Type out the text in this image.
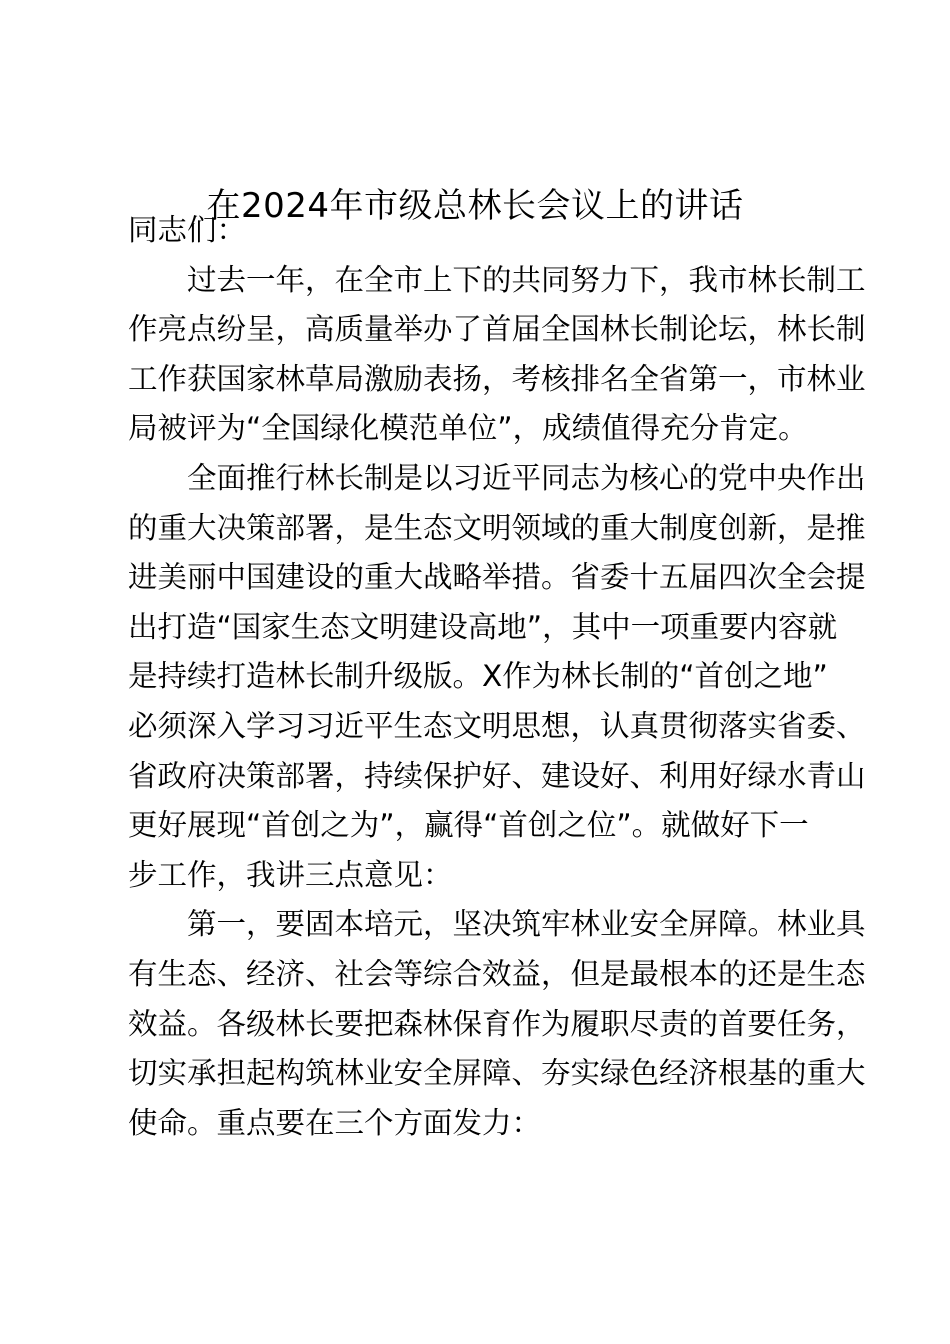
在2024年市级总林长会议上的讲话

同志们：

过去一年，在全市上下的共同努力下，我市林长制工
作亮点纷呈，高质量举办了首届全国林长制论坛，林长制
工作获国家林草局激励表扬，考核排名全省第一，市林业
局被评为“全国绿化模范单位”，成绩值得充分肯定。

全面推行林长制是以习近平同志为核心的党中央作出
的重大决策部署，是生态文明领域的重大制度创新，是推
进美丽中国建设的重大战略举措。省委十五届四次全会提
出打造“国家生态文明建设高地”，其中一项重要内容就
是持续打造林长制升级版。X作为林长制的“首创之地”
必须深入学习习近平生态文明思想，认真贯彻落实省委、
省政府决策部署，持续保护好、建设好、利用好绿水青山
更好展现“首创之为”，赢得“首创之位”。就做好下一
步工作，我讲三点意见：

第一，要固本培元，坚决筑牢林业安全屏障。林业具
有生态、经济、社会等综合效益，但是最根本的还是生态
效益。各级林长要把森林保育作为履职尽责的首要任务，
切实承担起构筑林业安全屏障、夯实绿色经济根基的重大
使命。重点要在三个方面发力：
